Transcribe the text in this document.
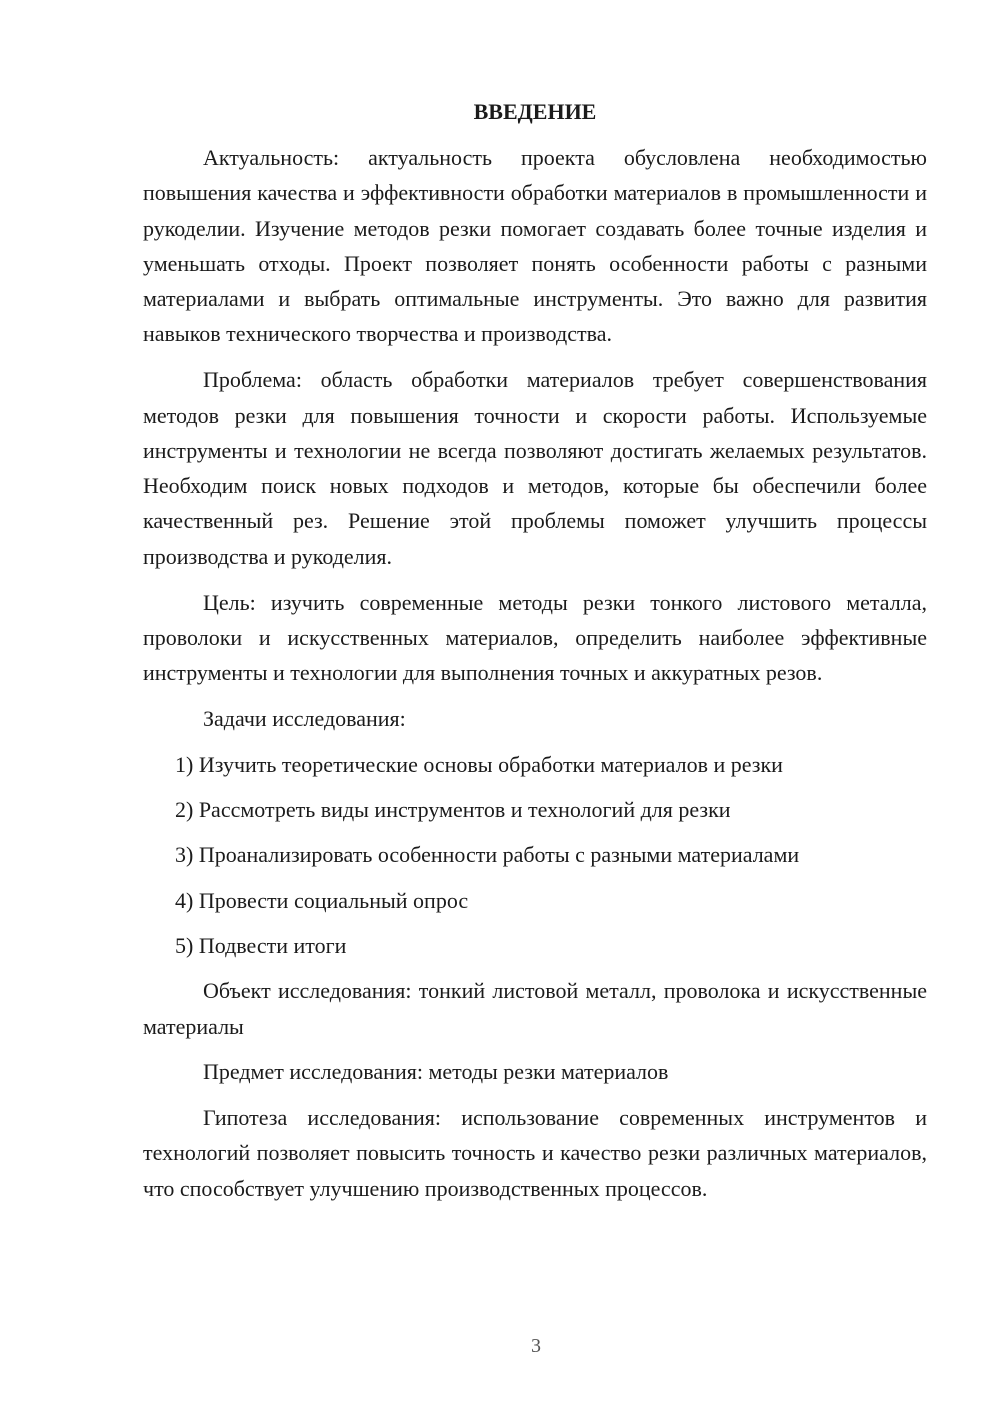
ВВЕДЕНИЕ

Актуальность: актуальность проекта обусловлена необходимостью повышения качества и эффективности обработки материалов в промышленности и рукоделии. Изучение методов резки помогает создавать более точные изделия и уменьшать отходы. Проект позволяет понять особенности работы с разными материалами и выбрать оптимальные инструменты. Это важно для развития навыков технического творчества и производства.

Проблема: область обработки материалов требует совершенствования методов резки для повышения точности и скорости работы. Используемые инструменты и технологии не всегда позволяют достигать желаемых результатов. Необходим поиск новых подходов и методов, которые бы обеспечили более качественный рез. Решение этой проблемы поможет улучшить процессы производства и рукоделия.

Цель: изучить современные методы резки тонкого листового металла, проволоки и искусственных материалов, определить наиболее эффективные инструменты и технологии для выполнения точных и аккуратных резов.

Задачи исследования:

1) Изучить теоретические основы обработки материалов и резки
2) Рассмотреть виды инструментов и технологий для резки
3) Проанализировать особенности работы с разными материалами
4) Провести социальный опрос
5) Подвести итоги

Объект исследования: тонкий листовой металл, проволока и искусственные материалы

Предмет исследования: методы резки материалов

Гипотеза исследования: использование современных инструментов и технологий позволяет повысить точность и качество резки различных материалов, что способствует улучшению производственных процессов.

3
